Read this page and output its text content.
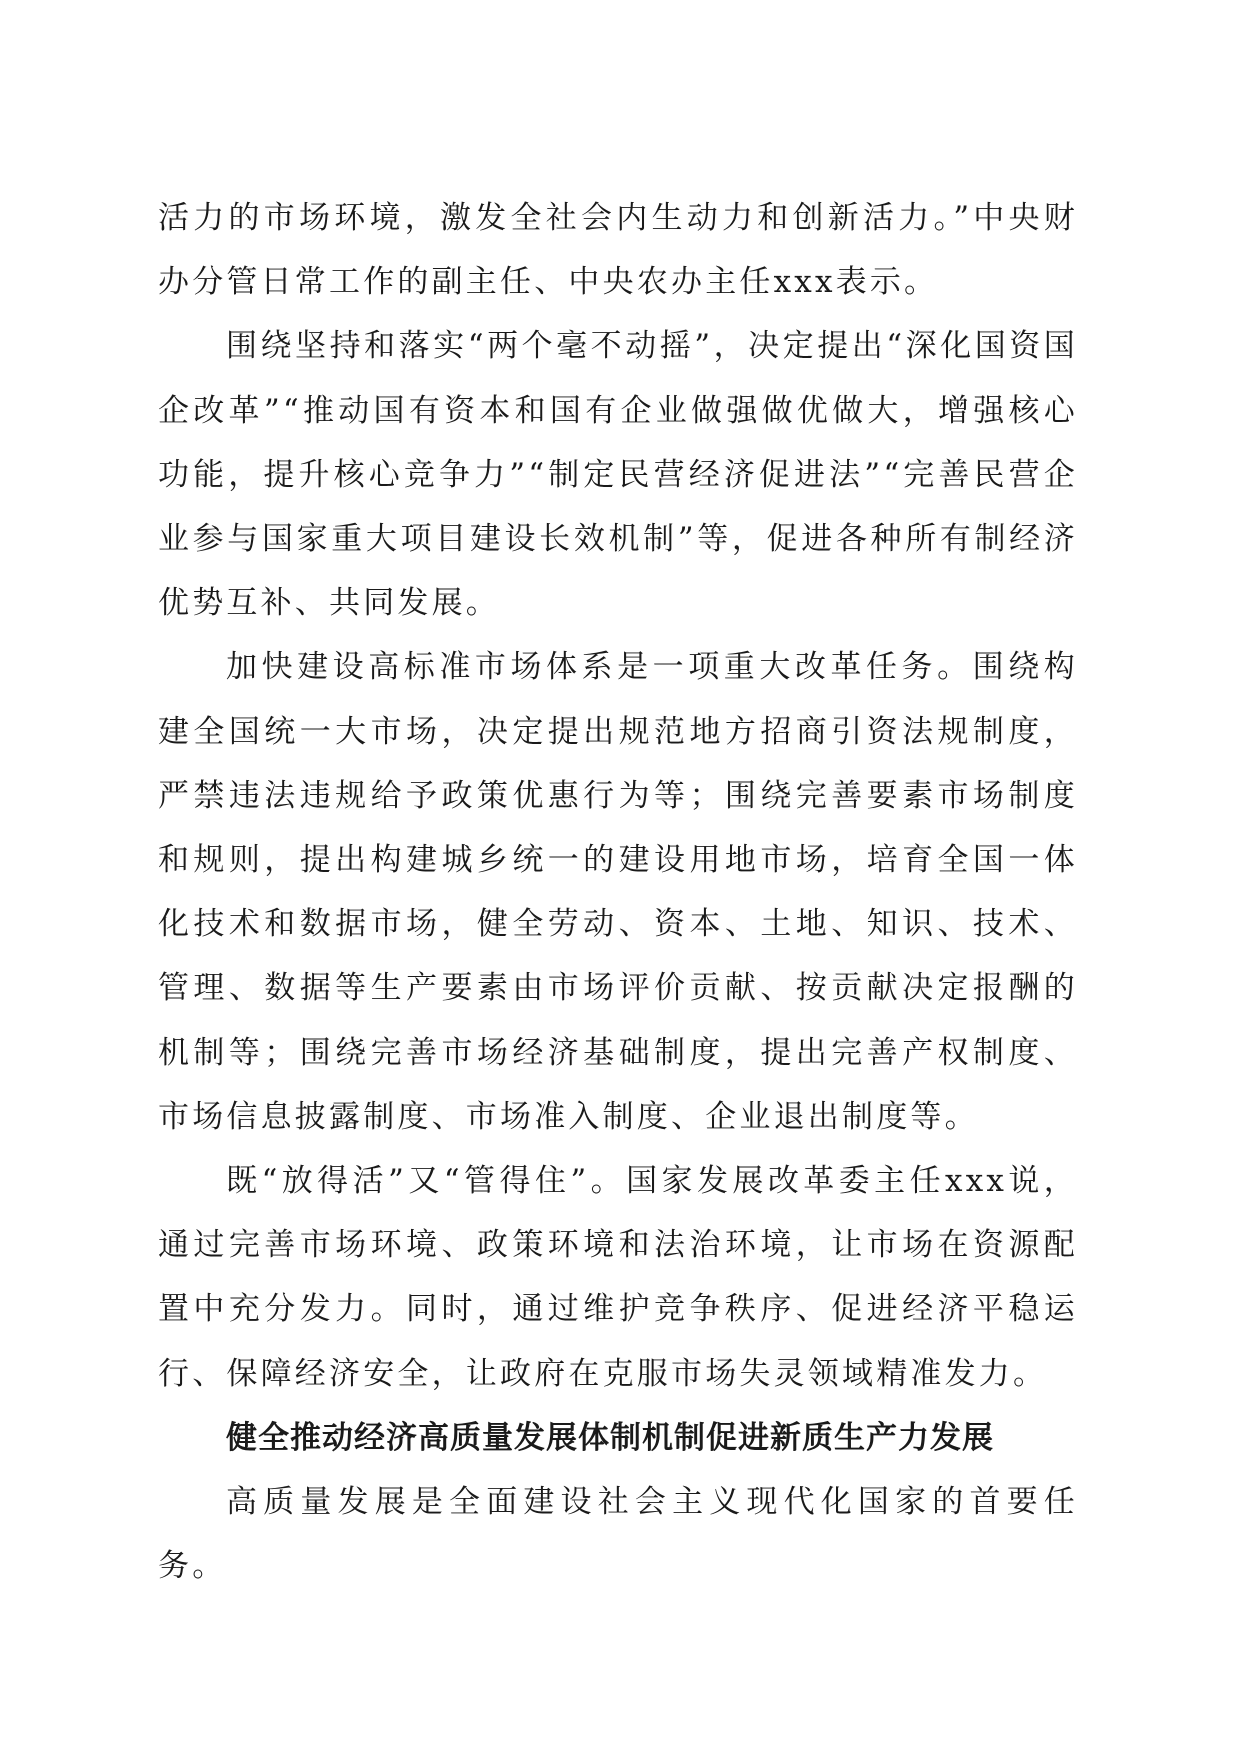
活力的市场环境，激发全社会内生动力和创新活力。”中央财办分管日常工作的副主任、中央农办主任xxx表示。

围绕坚持和落实“两个毫不动摇”，决定提出“深化国资国企改革”“推动国有资本和国有企业做强做优做大，增强核心功能，提升核心竞争力”“制定民营经济促进法”“完善民营企业参与国家重大项目建设长效机制”等，促进各种所有制经济优势互补、共同发展。

加快建设高标准市场体系是一项重大改革任务。围绕构建全国统一大市场，决定提出规范地方招商引资法规制度，严禁违法违规给予政策优惠行为等；围绕完善要素市场制度和规则，提出构建城乡统一的建设用地市场，培育全国一体化技术和数据市场，健全劳动、资本、土地、知识、技术、管理、数据等生产要素由市场评价贡献、按贡献决定报酬的机制等；围绕完善市场经济基础制度，提出完善产权制度、市场信息披露制度、市场准入制度、企业退出制度等。

既“放得活”又“管得住”。国家发展改革委主任xxx说，通过完善市场环境、政策环境和法治环境，让市场在资源配置中充分发力。同时，通过维护竞争秩序、促进经济平稳运行、保障经济安全，让政府在克服市场失灵领域精准发力。

健全推动经济高质量发展体制机制促进新质生产力发展

高质量发展是全面建设社会主义现代化国家的首要任务。
